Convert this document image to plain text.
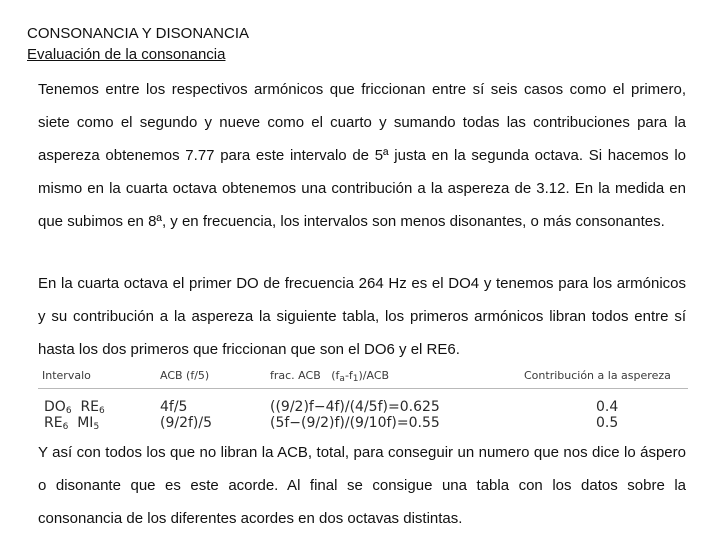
CONSONANCIA Y DISONANCIA

Evaluación de la consonancia

Tenemos entre los respectivos armónicos que friccionan entre sí seis casos como el primero, siete como el segundo y nueve como el cuarto y sumando todas las contribuciones para la aspereza obtenemos 7.77 para este intervalo de 5ª justa en la segunda octava. Si hacemos lo mismo en la cuarta octava obtenemos una contribución a la aspereza de 3.12. En la medida en que subimos en 8ª, y en frecuencia, los intervalos son menos disonantes, o más consonantes.

En la cuarta octava el primer DO de frecuencia 264 Hz es el DO4 y tenemos para los armónicos y su contribución a la aspereza la siguiente tabla, los primeros armónicos libran todos entre sí hasta los dos primeros que friccionan que son el DO6 y el RE6.

Intervalo	ACB (f/5)	frac. ACB $(f_a-f_1)$/ACB	Contribución a la aspereza
$DO_6$ $RE_6$	4f/5	((9/2)f−4f)/(4/5f)=0.625	0.4
$RE_6$ $MI_5$	(9/2f)/5	(5f−(9/2)f)/(9/10f)=0.55	0.5

Y así con todos los que no libran la ACB, total, para conseguir un numero que nos dice lo áspero o disonante que es este acorde. Al final se consigue una tabla con los datos sobre la consonancia de los diferentes acordes en dos octavas distintas.
